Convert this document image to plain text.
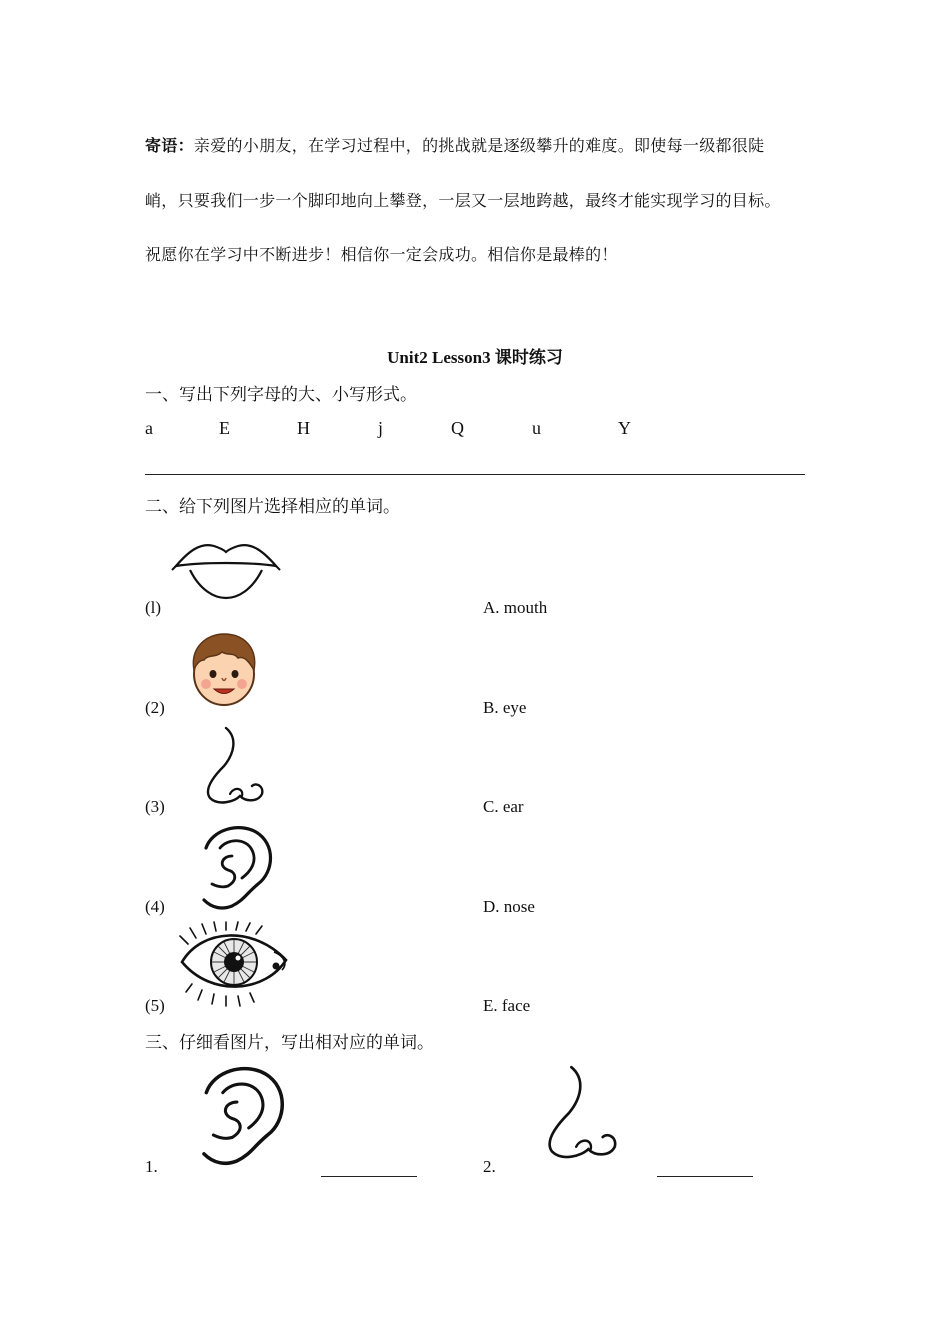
寄语：亲爱的小朋友，在学习过程中，的挑战就是逐级攀升的难度。即使每一级都很陡
峭，只要我们一步一个脚印地向上攀登，一层又一层地跨越，最终才能实现学习的目标。
祝愿你在学习中不断进步！相信你一定会成功。相信你是最棒的！
Unit2 Lesson3 课时练习
一、写出下列字母的大、小写形式。
a	E	H	j	Q	u	Y
二、给下列图片选择相应的单词。
(l)	A. mouth
(2)	B. eye
(3)	C. ear
(4)	D. nose
(5)	E. face
三、仔细看图片，写出相对应的单词。
1.	2.
